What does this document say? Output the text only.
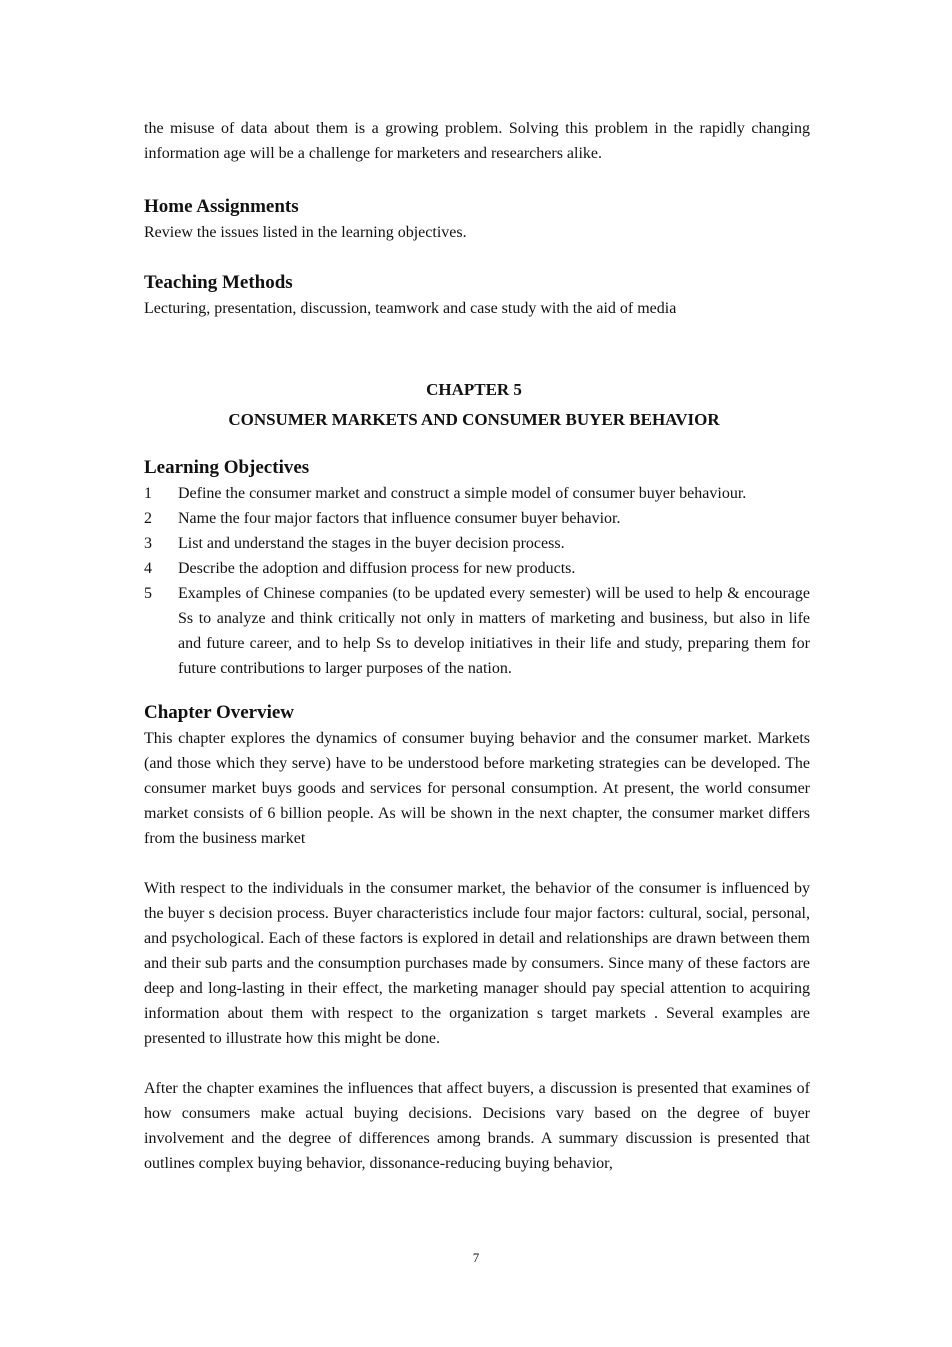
the misuse of data about them is a growing problem. Solving this problem in the rapidly changing information age will be a challenge for marketers and researchers alike.

Home Assignments

Review the issues listed in the learning objectives.

Teaching Methods

Lecturing, presentation, discussion, teamwork and case study with the aid of media

CHAPTER 5
CONSUMER MARKETS AND CONSUMER BUYER BEHAVIOR
Learning Objectives
1 Define the consumer market and construct a simple model of consumer buyer behaviour.
2 Name the four major factors that influence consumer buyer behavior.
3 List and understand the stages in the buyer decision process.
4 Describe the adoption and diffusion process for new products.
5 Examples of Chinese companies (to be updated every semester) will be used to help & encourage Ss to analyze and think critically not only in matters of marketing and business, but also in life and future career, and to help Ss to develop initiatives in their life and study, preparing them for future contributions to larger purposes of the nation.
Chapter Overview

This chapter explores the dynamics of consumer buying behavior and the consumer market. Markets (and those which they serve) have to be understood before marketing strategies can be developed. The consumer market buys goods and services for personal consumption. At present, the world consumer market consists of 6 billion people. As will be shown in the next chapter, the consumer market differs from the business market

With respect to the individuals in the consumer market, the behavior of the consumer is influenced by the buyer s decision process. Buyer characteristics include four major factors: cultural, social, personal, and psychological. Each of these factors is explored in detail and relationships are drawn between them and their sub parts and the consumption purchases made by consumers. Since many of these factors are deep and long-lasting in their effect, the marketing manager should pay special attention to acquiring information about them with respect to the organization s target markets . Several examples are presented to illustrate how this might be done.

After the chapter examines the influences that affect buyers, a discussion is presented that examines of how consumers make actual buying decisions. Decisions vary based on the degree of buyer involvement and the degree of differences among brands. A summary discussion is presented that outlines complex buying behavior, dissonance-reducing buying behavior,

7
